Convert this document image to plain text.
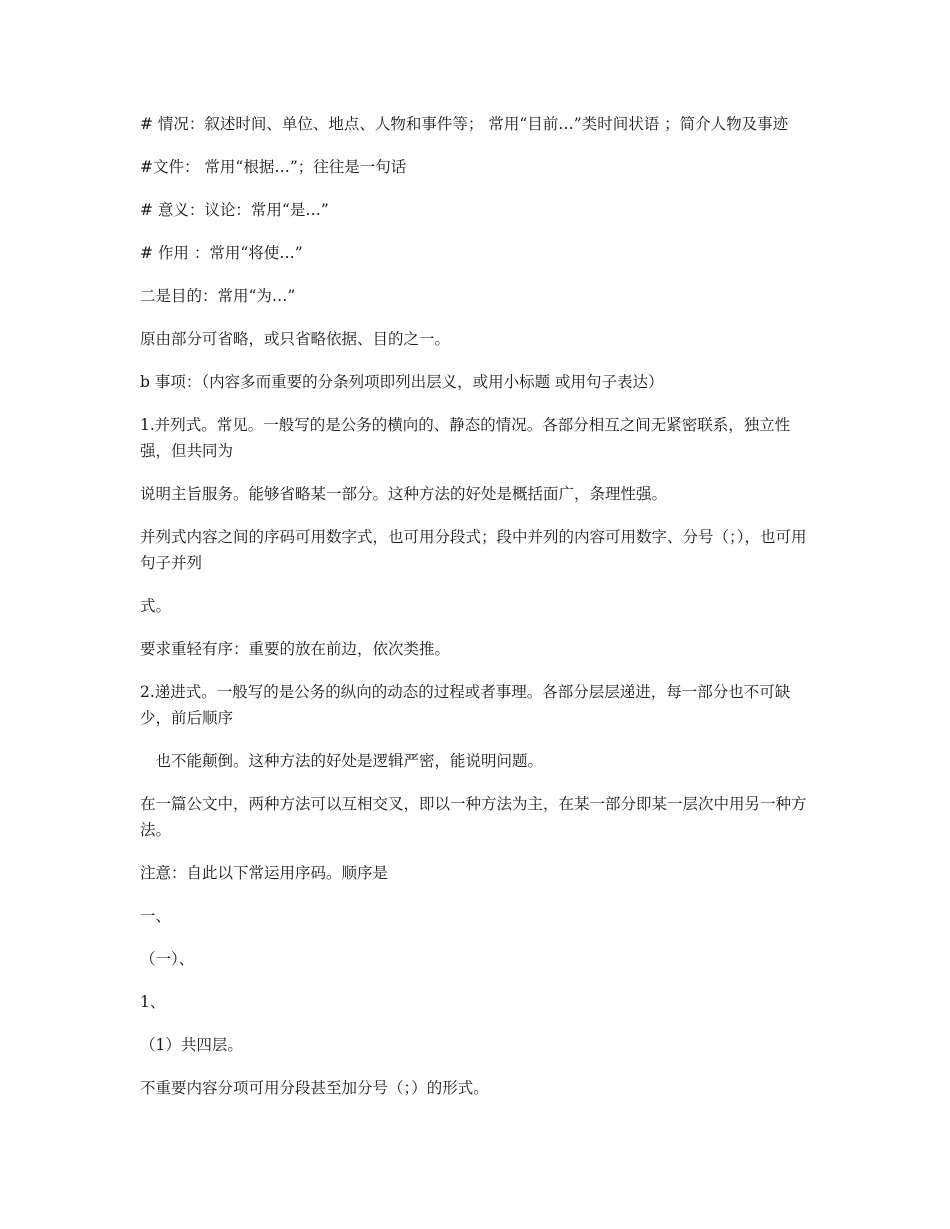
# 情况：叙述时间、单位、地点、人物和事件等； 常用“目前…”类时间状语 ；简介人物及事迹

#文件： 常用“根据…”；往往是一句话

# 意义：议论：常用“是…”

# 作用 ：常用“将使…”

二是目的：常用“为…”

原由部分可省略，或只省略依据、目的之一。

b 事项：（内容多而重要的分条列项即列出层义，或用小标题 或用句子表达）

1.并列式。常见。一般写的是公务的横向的、静态的情况。各部分相互之间无紧密联系，独立性强，但共同为

说明主旨服务。能够省略某一部分。这种方法的好处是概括面广，条理性强。

并列式内容之间的序码可用数字式，也可用分段式；段中并列的内容可用数字、分号（；），也可用句子并列

式。

要求重轻有序：重要的放在前边，依次类推。

2.递进式。一般写的是公务的纵向的动态的过程或者事理。各部分层层递进，每一部分也不可缺少，前后顺序

　也不能颠倒。这种方法的好处是逻辑严密，能说明问题。

在一篇公文中，两种方法可以互相交叉，即以一种方法为主，在某一部分即某一层次中用另一种方法。

注意：自此以下常运用序码。顺序是

一、

（一）、

1、

（1）共四层。

不重要内容分项可用分段甚至加分号（；）的形式。
